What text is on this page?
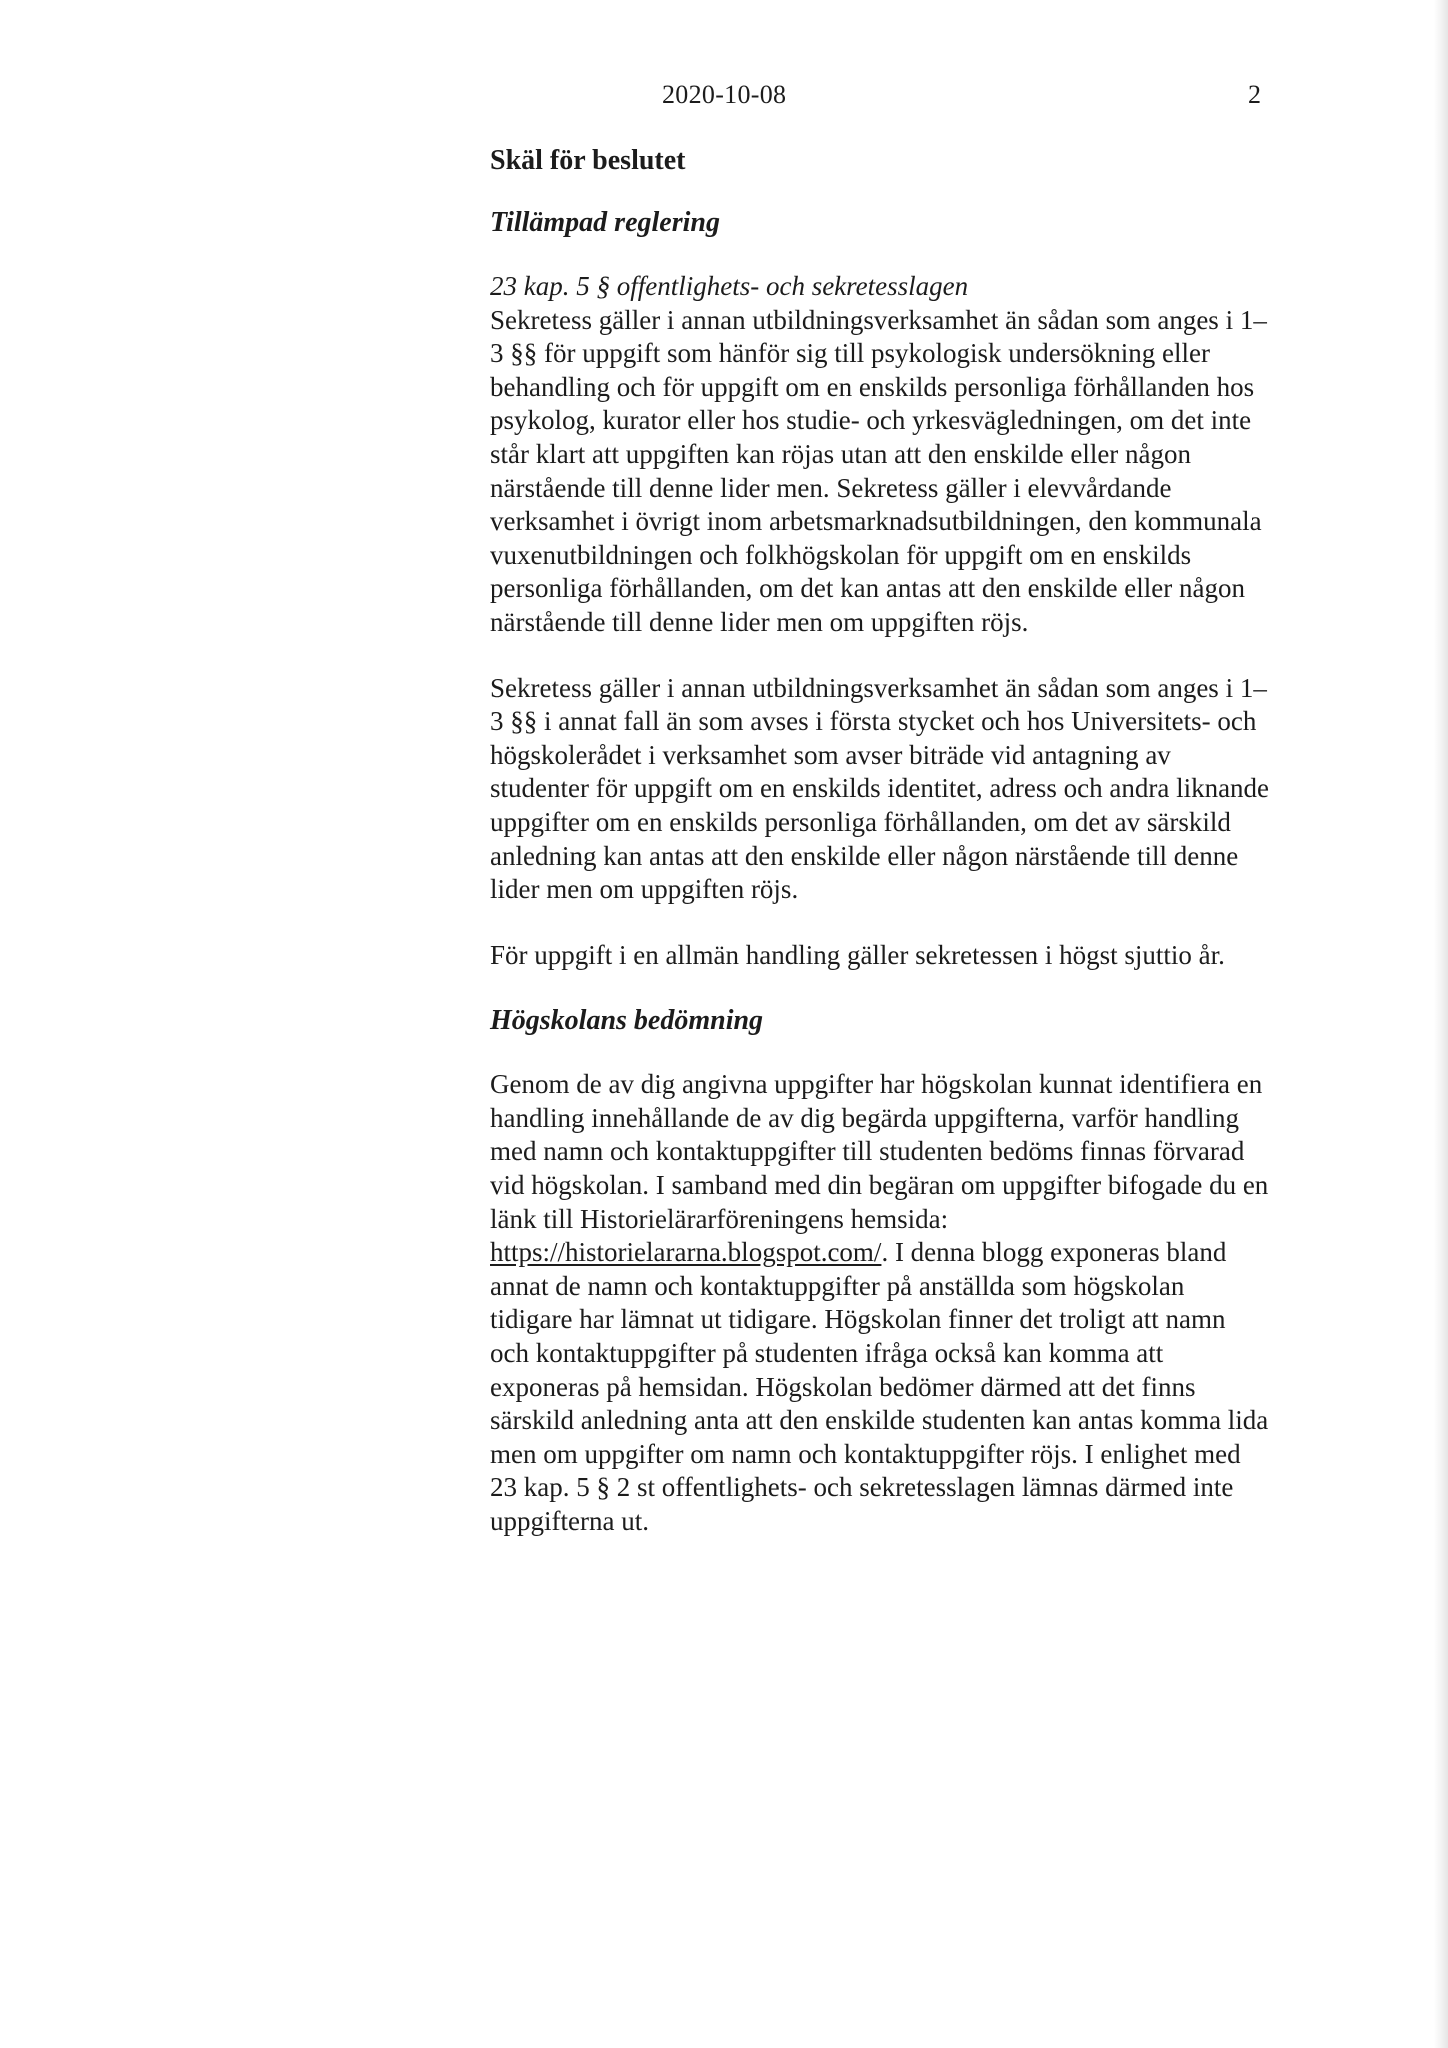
2020-10-08	2
Skäl för beslutet
Tillämpad reglering

23 kap. 5 § offentlighets- och sekretesslagen

Sekretess gäller i annan utbildningsverksamhet än sådan som anges i 1–3 §§ för uppgift som hänför sig till psykologisk undersökning eller behandling och för uppgift om en enskilds personliga förhållanden hos psykolog, kurator eller hos studie- och yrkesvägledningen, om det inte står klart att uppgiften kan röjas utan att den enskilde eller någon närstående till denne lider men. Sekretess gäller i elevvårdande verksamhet i övrigt inom arbetsmarknadsutbildningen, den kommunala vuxenutbildningen och folkhögskolan för uppgift om en enskilds personliga förhållanden, om det kan antas att den enskilde eller någon närstående till denne lider men om uppgiften röjs.

Sekretess gäller i annan utbildningsverksamhet än sådan som anges i 1–3 §§ i annat fall än som avses i första stycket och hos Universitets- och högskolerådet i verksamhet som avser biträde vid antagning av studenter för uppgift om en enskilds identitet, adress och andra liknande uppgifter om en enskilds personliga förhållanden, om det av särskild anledning kan antas att den enskilde eller någon närstående till denne lider men om uppgiften röjs.

För uppgift i en allmän handling gäller sekretessen i högst sjuttio år.

Högskolans bedömning

Genom de av dig angivna uppgifter har högskolan kunnat identifiera en handling innehållande de av dig begärda uppgifterna, varför handling med namn och kontaktuppgifter till studenten bedöms finnas förvarad vid högskolan. I samband med din begäran om uppgifter bifogade du en länk till Historielärarföreningens hemsida: https://historielararna.blogspot.com/. I denna blogg exponeras bland annat de namn och kontaktuppgifter på anställda som högskolan tidigare har lämnat ut tidigare. Högskolan finner det troligt att namn och kontaktuppgifter på studenten ifråga också kan komma att exponeras på hemsidan. Högskolan bedömer därmed att det finns särskild anledning anta att den enskilde studenten kan antas komma lida men om uppgifter om namn och kontaktuppgifter röjs. I enlighet med 23 kap. 5 § 2 st offentlighets- och sekretesslagen lämnas därmed inte uppgifterna ut.
